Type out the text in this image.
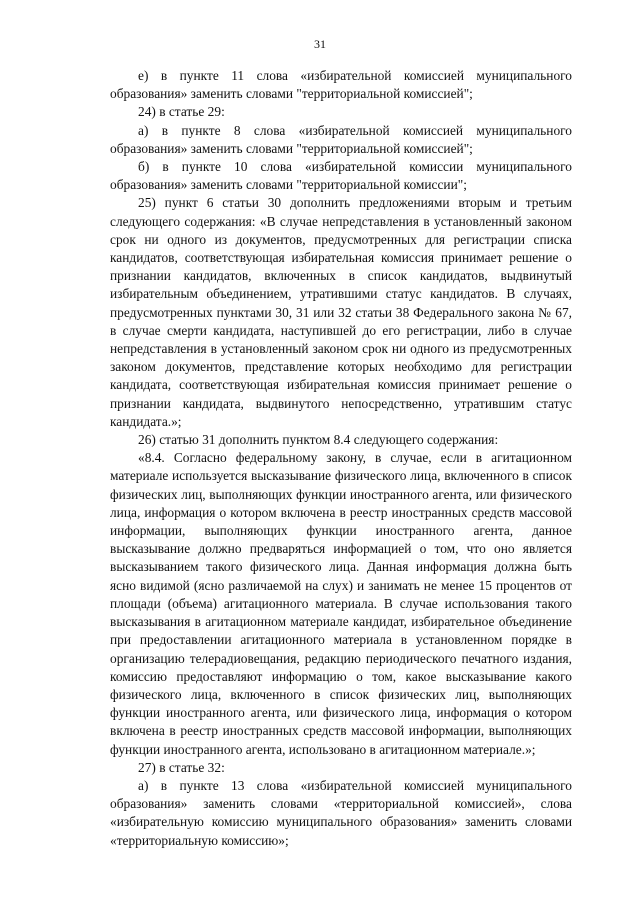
31

е) в пункте 11 слова «избирательной комиссией муниципального образования» заменить словами "территориальной комиссией";

24) в статье 29:

а) в пункте 8 слова «избирательной комиссией муниципального образования» заменить словами "территориальной комиссией";

б) в пункте 10 слова «избирательной комиссии муниципального образования» заменить словами "территориальной комиссии";

25) пункт 6 статьи 30 дополнить предложениями вторым и третьим следующего содержания: «В случае непредставления в установленный законом срок ни одного из документов, предусмотренных для регистрации списка кандидатов, соответствующая избирательная комиссия принимает решение о признании кандидатов, включенных в список кандидатов, выдвинутый избирательным объединением, утратившими статус кандидатов. В случаях, предусмотренных пунктами 30, 31 или 32 статьи 38 Федерального закона № 67, в случае смерти кандидата, наступившей до его регистрации, либо в случае непредставления в установленный законом срок ни одного из предусмотренных законом документов, представление которых необходимо для регистрации кандидата, соответствующая избирательная комиссия принимает решение о признании кандидата, выдвинутого непосредственно, утратившим статус кандидата.»;

26) статью 31 дополнить пунктом 8.4 следующего содержания:

«8.4. Согласно федеральному закону, в случае, если в агитационном материале используется высказывание физического лица, включенного в список физических лиц, выполняющих функции иностранного агента, или физического лица, информация о котором включена в реестр иностранных средств массовой информации, выполняющих функции иностранного агента, данное высказывание должно предваряться информацией о том, что оно является высказыванием такого физического лица. Данная информация должна быть ясно видимой (ясно различаемой на слух) и занимать не менее 15 процентов от площади (объема) агитационного материала. В случае использования такого высказывания в агитационном материале кандидат, избирательное объединение при предоставлении агитационного материала в установленном порядке в организацию телерадиовещания, редакцию периодического печатного издания, комиссию предоставляют информацию о том, какое высказывание какого физического лица, включенного в список физических лиц, выполняющих функции иностранного агента, или физического лица, информация о котором включена в реестр иностранных средств массовой информации, выполняющих функции иностранного агента, использовано в агитационном материале.»;

27) в статье 32:

а) в пункте 13 слова «избирательной комиссией муниципального образования» заменить словами «территориальной комиссией», слова «избирательную комиссию муниципального образования» заменить словами «территориальную комиссию»;
